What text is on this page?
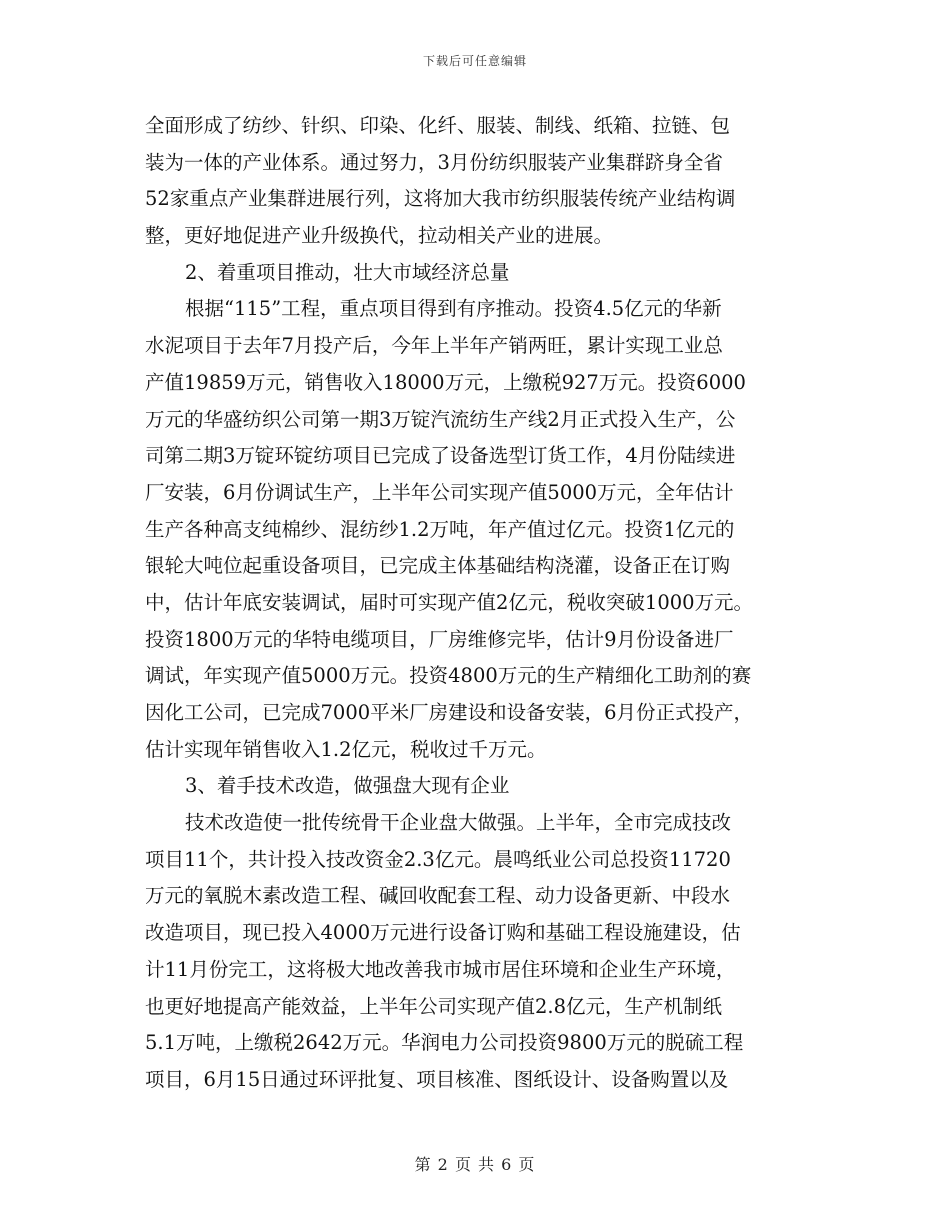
下载后可任意编辑
全面形成了纺纱、针织、印染、化纤、服装、制线、纸箱、拉链、包
装为一体的产业体系。通过努力，3月份纺织服装产业集群跻身全省
52家重点产业集群进展行列，这将加大我市纺织服装传统产业结构调
整，更好地促进产业升级换代，拉动相关产业的进展。
2、着重项目推动，壮大市域经济总量
根据“115”工程，重点项目得到有序推动。投资4.5亿元的华新
水泥项目于去年7月投产后，今年上半年产销两旺，累计实现工业总
产值19859万元，销售收入18000万元，上缴税927万元。投资6000
万元的华盛纺织公司第一期3万锭汽流纺生产线2月正式投入生产，公
司第二期3万锭环锭纺项目已完成了设备选型订货工作，4月份陆续进
厂安装，6月份调试生产，上半年公司实现产值5000万元，全年估计
生产各种高支纯棉纱、混纺纱1.2万吨，年产值过亿元。投资1亿元的
银轮大吨位起重设备项目，已完成主体基础结构浇灌，设备正在订购
中，估计年底安装调试，届时可实现产值2亿元，税收突破1000万元。
投资1800万元的华特电缆项目，厂房维修完毕，估计9月份设备进厂
调试，年实现产值5000万元。投资4800万元的生产精细化工助剂的赛
因化工公司，已完成7000平米厂房建设和设备安装，6月份正式投产，
估计实现年销售收入1.2亿元，税收过千万元。
3、着手技术改造，做强盘大现有企业
技术改造使一批传统骨干企业盘大做强。上半年，全市完成技改
项目11个，共计投入技改资金2.3亿元。晨鸣纸业公司总投资11720
万元的氧脱木素改造工程、碱回收配套工程、动力设备更新、中段水
改造项目，现已投入4000万元进行设备订购和基础工程设施建设，估
计11月份完工，这将极大地改善我市城市居住环境和企业生产环境，
也更好地提高产能效益，上半年公司实现产值2.8亿元，生产机制纸
5.1万吨，上缴税2642万元。华润电力公司投资9800万元的脱硫工程
项目，6月15日通过环评批复、项目核准、图纸设计、设备购置以及
第 2 页 共 6 页
